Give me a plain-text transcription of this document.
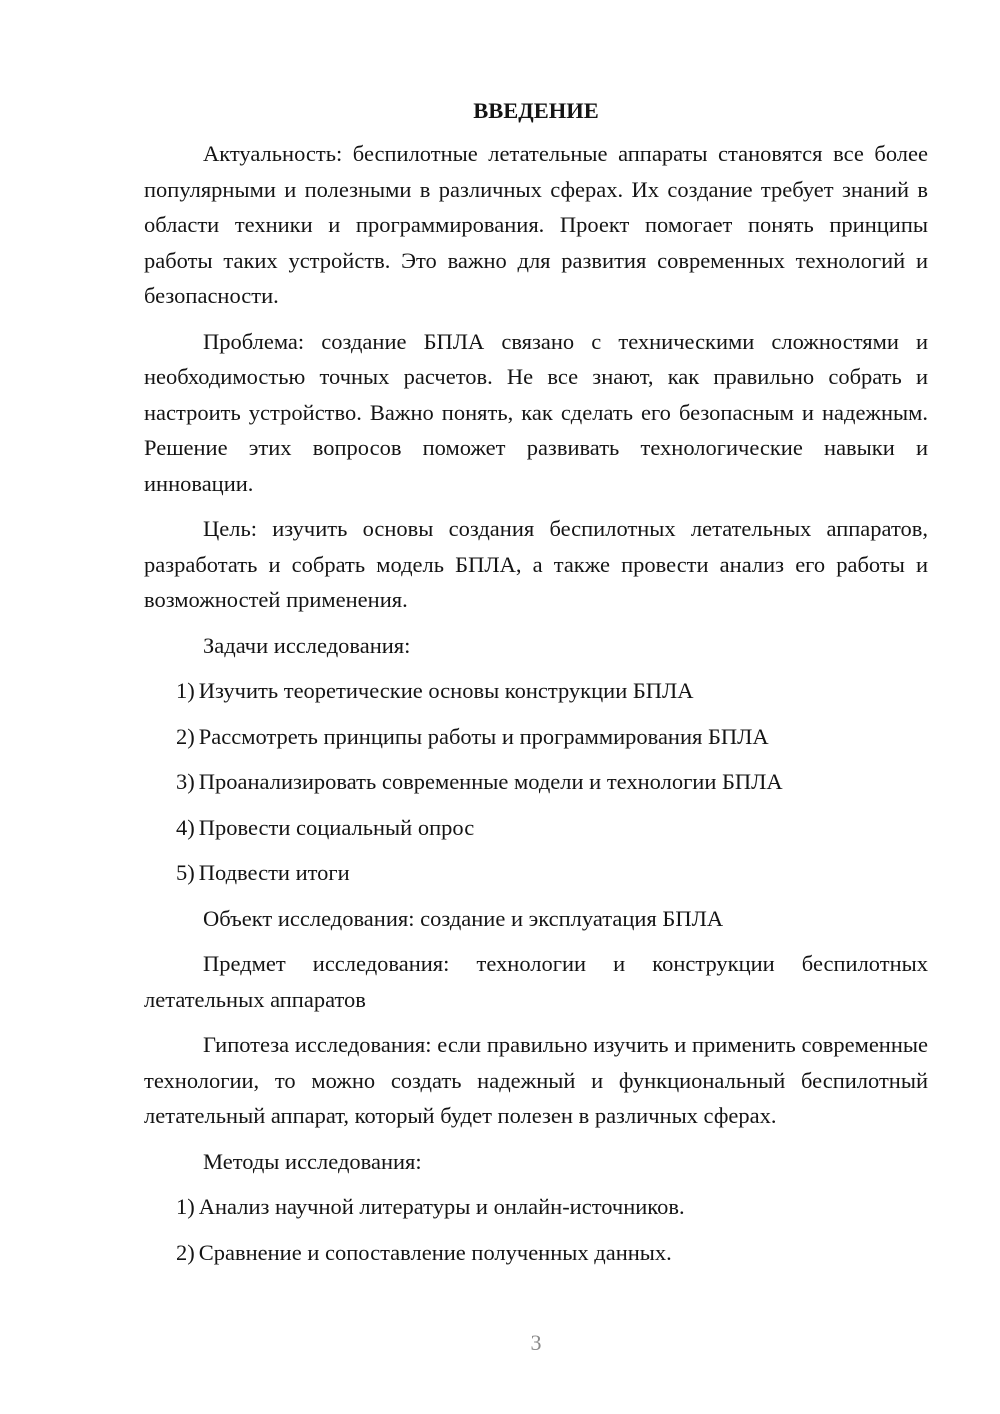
ВВЕДЕНИЕ

Актуальность: беспилотные летательные аппараты становятся все более популярными и полезными в различных сферах. Их создание требует знаний в области техники и программирования. Проект помогает понять принципы работы таких устройств. Это важно для развития современных технологий и безопасности.

Проблема: создание БПЛА связано с техническими сложностями и необходимостью точных расчетов. Не все знают, как правильно собрать и настроить устройство. Важно понять, как сделать его безопасным и надежным. Решение этих вопросов поможет развивать технологические навыки и инновации.

Цель: изучить основы создания беспилотных летательных аппаратов, разработать и собрать модель БПЛА, а также провести анализ его работы и возможностей применения.

Задачи исследования:

1) Изучить теоретические основы конструкции БПЛА
2) Рассмотреть принципы работы и программирования БПЛА
3) Проанализировать современные модели и технологии БПЛА
4) Провести социальный опрос
5) Подвести итоги

Объект исследования: создание и эксплуатация БПЛА

Предмет исследования: технологии и конструкции беспилотных летательных аппаратов

Гипотеза исследования: если правильно изучить и применить современные технологии, то можно создать надежный и функциональный беспилотный летательный аппарат, который будет полезен в различных сферах.

Методы исследования:

1) Анализ научной литературы и онлайн-источников.
2) Сравнение и сопоставление полученных данных.
3
